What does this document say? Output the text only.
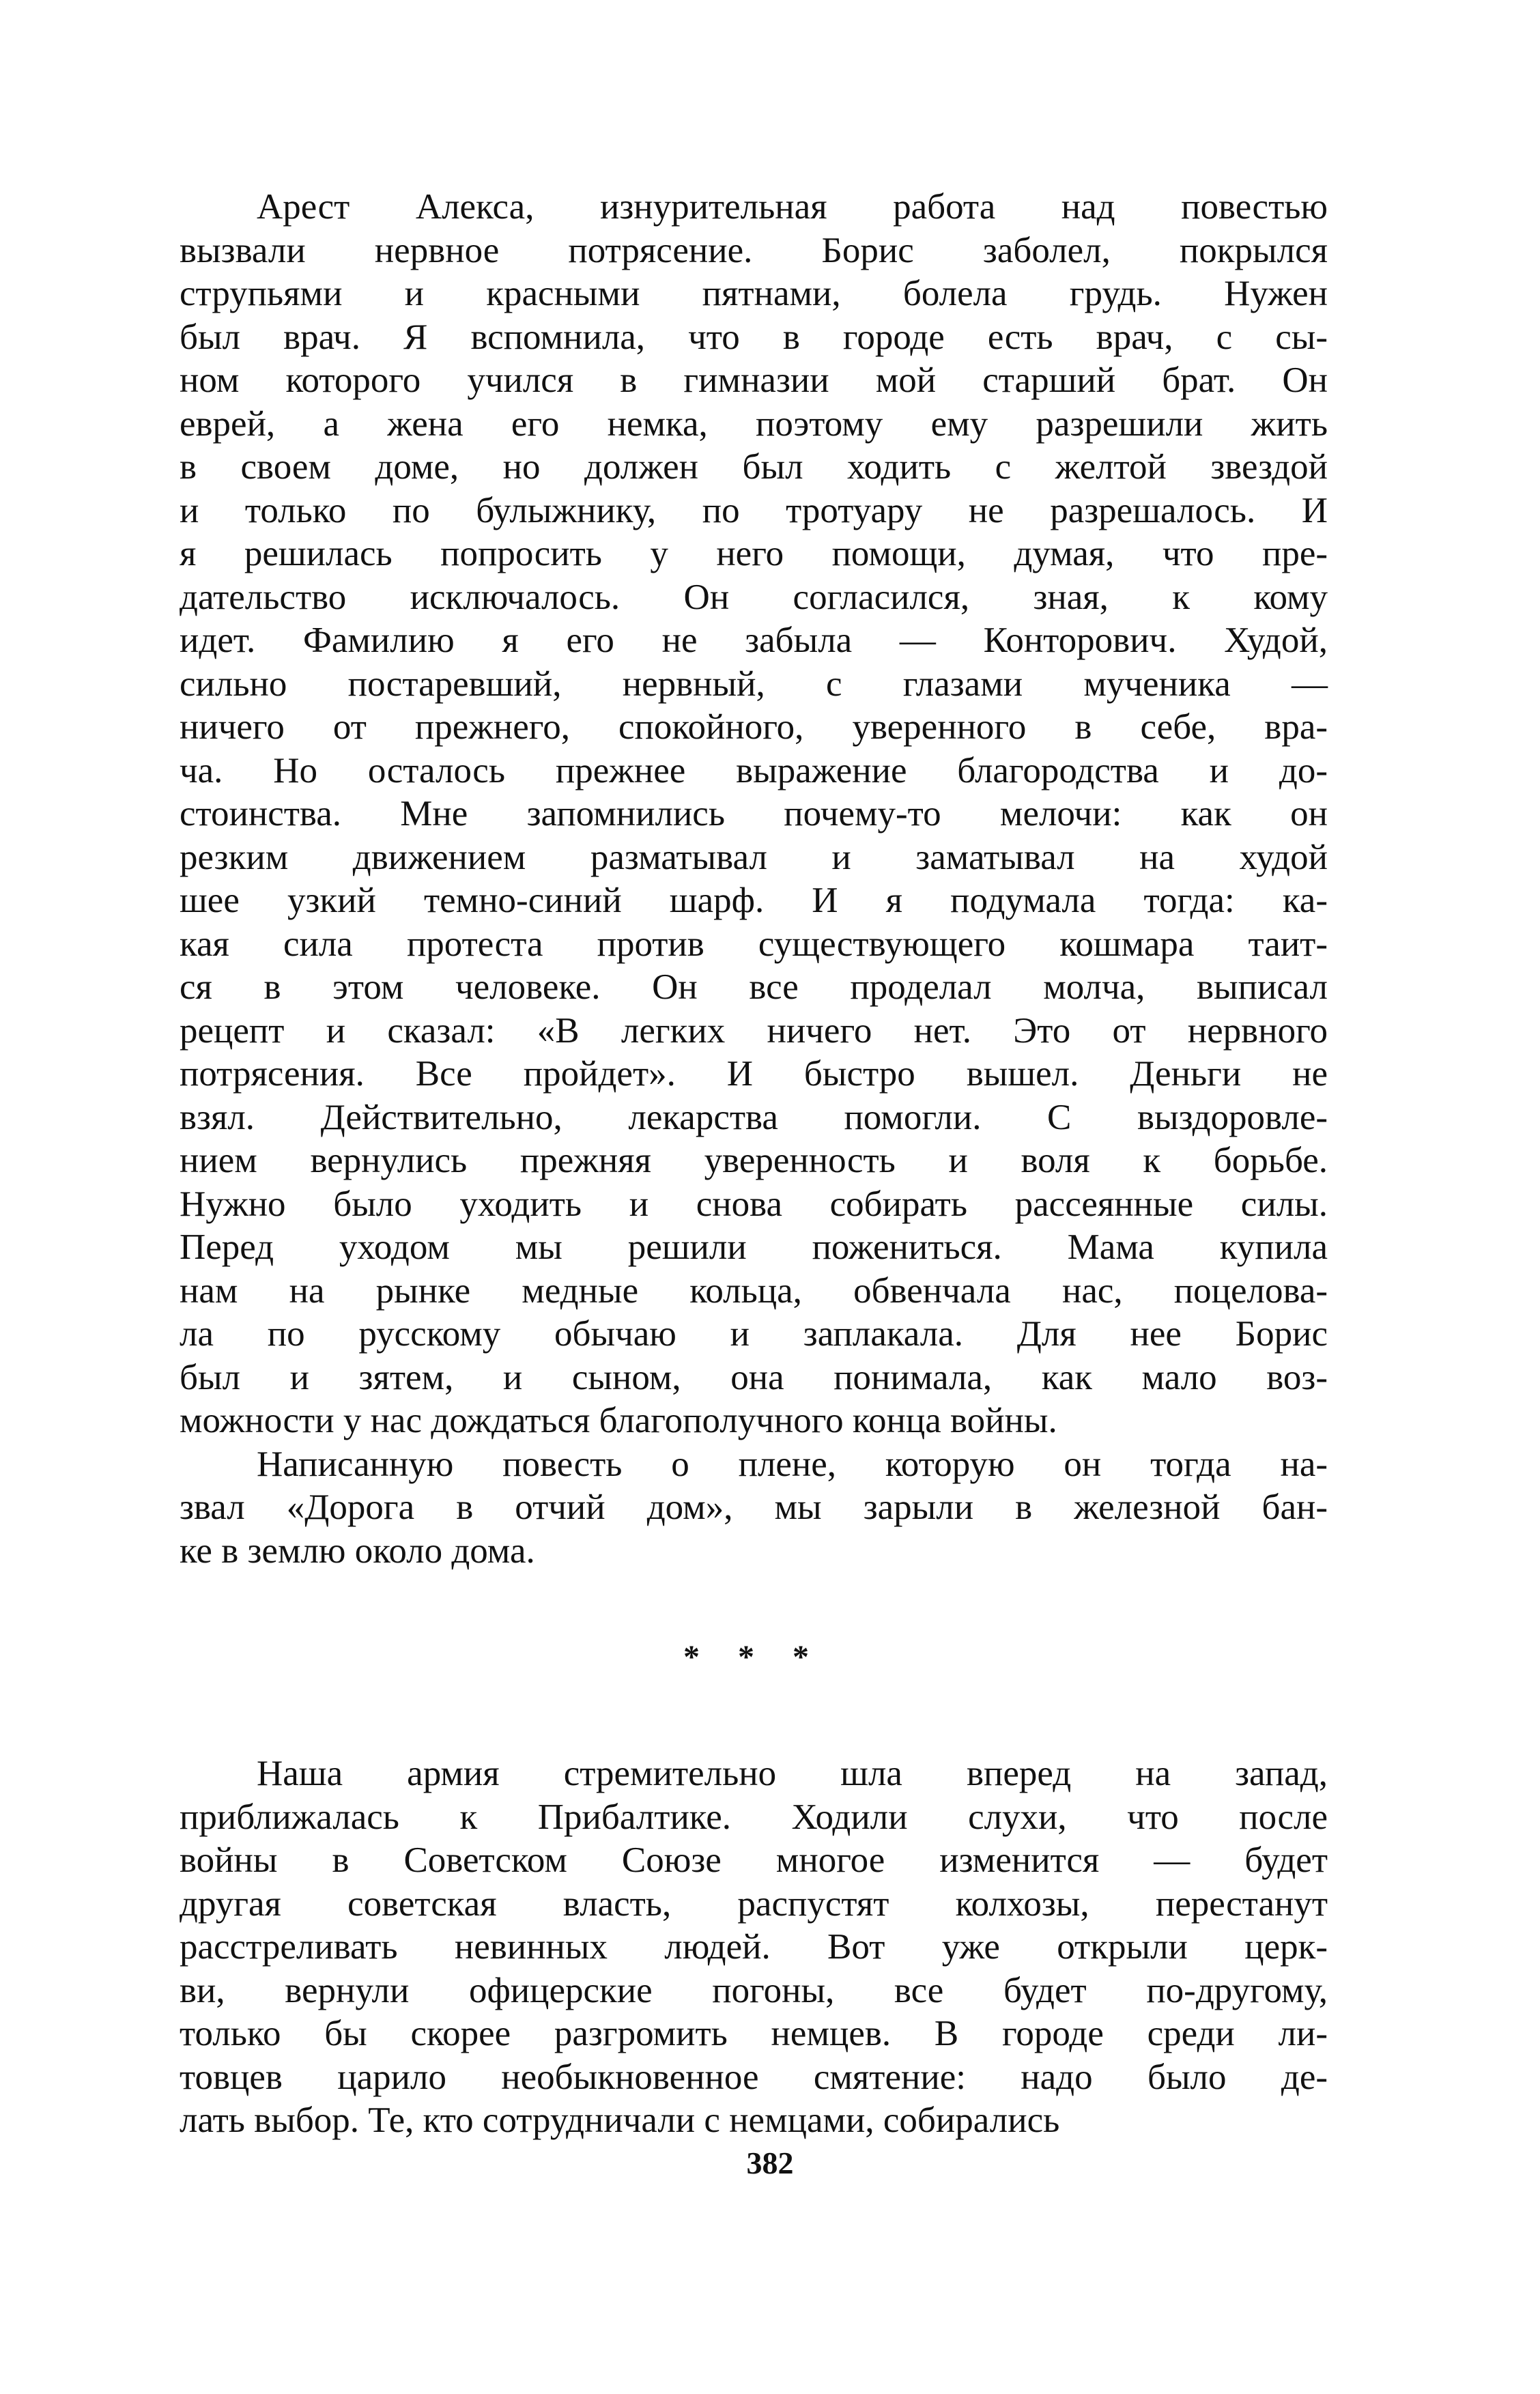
Арест Алекса, изнурительная работа над повестью
вызвали нервное потрясение. Борис заболел, покрылся
струпьями и красными пятнами, болела грудь. Нужен
был врач. Я вспомнила, что в городе есть врач, с сы-
ном которого учился в гимназии мой старший брат. Он
еврей, а жена его немка, поэтому ему разрешили жить
в своем доме, но должен был ходить с желтой звездой
и только по булыжнику, по тротуару не разрешалось. И
я решилась попросить у него помощи, думая, что пре-
дательство исключалось. Он согласился, зная, к кому
идет. Фамилию я его не забыла — Конторович. Худой,
сильно постаревший, нервный, с глазами мученика —
ничего от прежнего, спокойного, уверенного в себе, вра-
ча. Но осталось прежнее выражение благородства и до-
стоинства. Мне запомнились почему-то мелочи: как он
резким движением разматывал и заматывал на худой
шее узкий темно-синий шарф. И я подумала тогда: ка-
кая сила протеста против существующего кошмара таит-
ся в этом человеке. Он все проделал молча, выписал
рецепт и сказал: «В легких ничего нет. Это от нервного
потрясения. Все пройдет». И быстро вышел. Деньги не
взял. Действительно, лекарства помогли. С выздоровле-
нием вернулись прежняя уверенность и воля к борьбе.
Нужно было уходить и снова собирать рассеянные силы.
Перед уходом мы решили пожениться. Мама купила
нам на рынке медные кольца, обвенчала нас, поцелова-
ла по русскому обычаю и заплакала. Для нее Борис
был и зятем, и сыном, она понимала, как мало воз-
можности у нас дождаться благополучного конца войны.

Написанную повесть о плене, которую он тогда на-
звал «Дорога в отчий дом», мы зарыли в железной бан-
ке в землю около дома.

* * *

Наша армия стремительно шла вперед на запад,
приближалась к Прибалтике. Ходили слухи, что после
войны в Советском Союзе многое изменится — будет
другая советская власть, распустят колхозы, перестанут
расстреливать невинных людей. Вот уже открыли церк-
ви, вернули офицерские погоны, все будет по-другому,
только бы скорее разгромить немцев. В городе среди ли-
товцев царило необыкновенное смятение: надо было де-
лать выбор. Те, кто сотрудничали с немцами, собирались

382
